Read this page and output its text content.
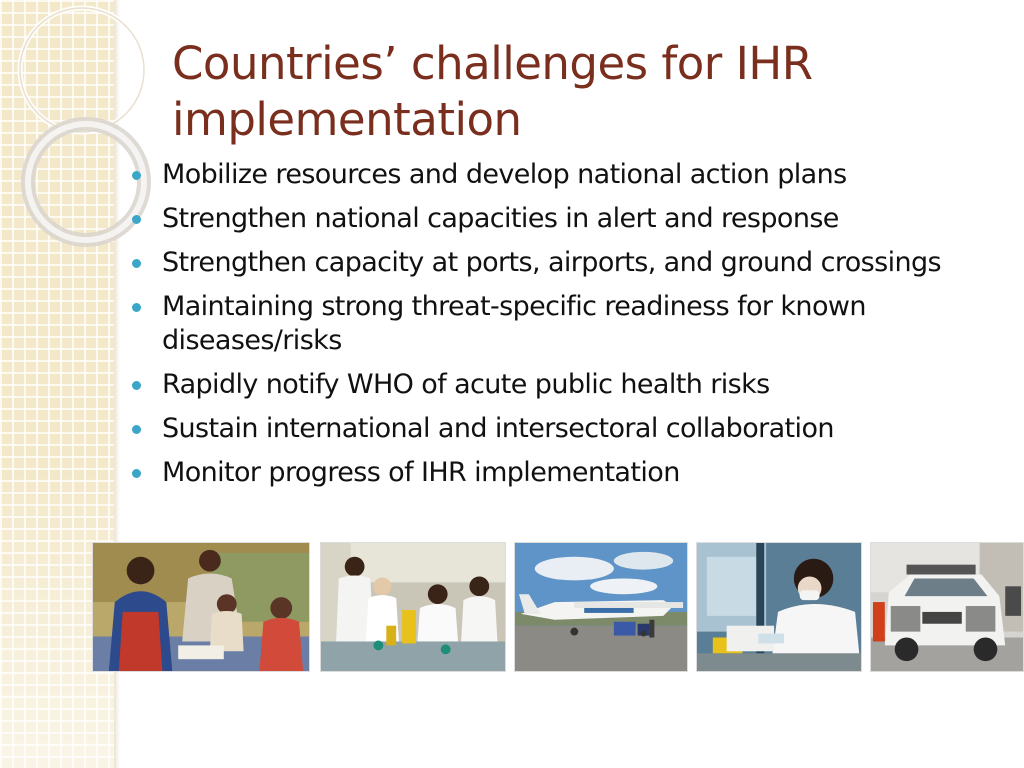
Countries’ challenges for IHR implementation
Mobilize resources and develop national action plans
Strengthen national capacities in alert and response
Strengthen capacity at ports, airports, and ground crossings
Maintaining strong threat-specific readiness for known diseases/risks
Rapidly notify WHO of acute public health risks
Sustain international and intersectoral collaboration
Monitor progress of IHR implementation
